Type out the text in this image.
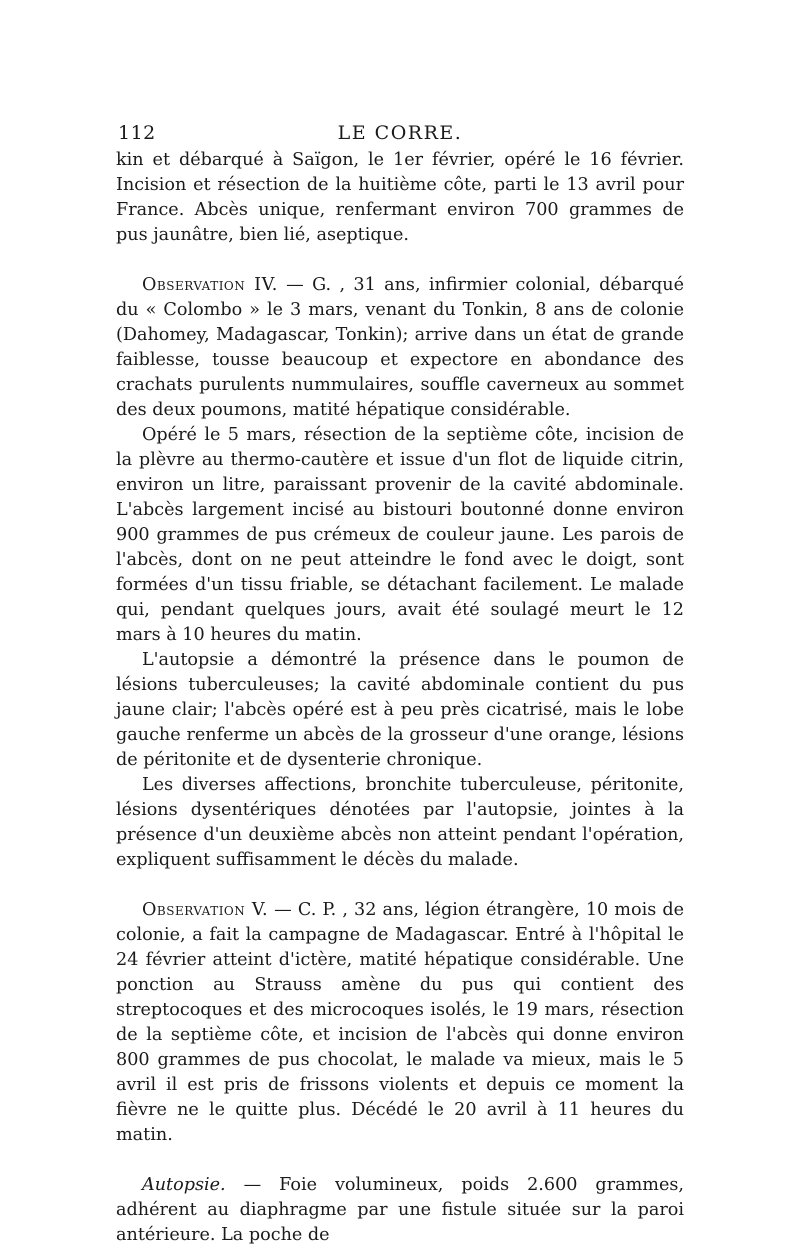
112	LE CORRE.

kin et débarqué à Saïgon, le 1er février, opéré le 16 février. Incision et résection de la huitième côte, parti le 13 avril pour France. Abcès unique, renfermant environ 700 grammes de pus jaunâtre, bien lié, aseptique.

Observation IV. — G. , 31 ans, infirmier colonial, débarqué du « Colombo » le 3 mars, venant du Tonkin, 8 ans de colonie (Dahomey, Madagascar, Tonkin); arrive dans un état de grande faiblesse, tousse beaucoup et expectore en abondance des crachats purulents nummulaires, souffle caverneux au sommet des deux poumons, matité hépatique considérable.

Opéré le 5 mars, résection de la septième côte, incision de la plèvre au thermo-cautère et issue d'un flot de liquide citrin, environ un litre, paraissant provenir de la cavité abdominale. L'abcès largement incisé au bistouri boutonné donne environ 900 grammes de pus crémeux de couleur jaune. Les parois de l'abcès, dont on ne peut atteindre le fond avec le doigt, sont formées d'un tissu friable, se détachant facilement. Le malade qui, pendant quelques jours, avait été soulagé meurt le 12 mars à 10 heures du matin.

L'autopsie a démontré la présence dans le poumon de lésions tuberculeuses; la cavité abdominale contient du pus jaune clair; l'abcès opéré est à peu près cicatrisé, mais le lobe gauche renferme un abcès de la grosseur d'une orange, lésions de péritonite et de dysenterie chronique.

Les diverses affections, bronchite tuberculeuse, péritonite, lésions dysentériques dénotées par l'autopsie, jointes à la présence d'un deuxième abcès non atteint pendant l'opération, expliquent suffisamment le décès du malade.

Observation V. — C. P. , 32 ans, légion étrangère, 10 mois de colonie, a fait la campagne de Madagascar. Entré à l'hôpital le 24 février atteint d'ictère, matité hépatique considérable. Une ponction au Strauss amène du pus qui contient des streptocoques et des microcoques isolés, le 19 mars, résection de la septième côte, et incision de l'abcès qui donne environ 800 grammes de pus chocolat, le malade va mieux, mais le 5 avril il est pris de frissons violents et depuis ce moment la fièvre ne le quitte plus. Décédé le 20 avril à 11 heures du matin.

Autopsie. — Foie volumineux, poids 2.600 grammes, adhérent au diaphragme par une fistule située sur la paroi antérieure. La poche de
